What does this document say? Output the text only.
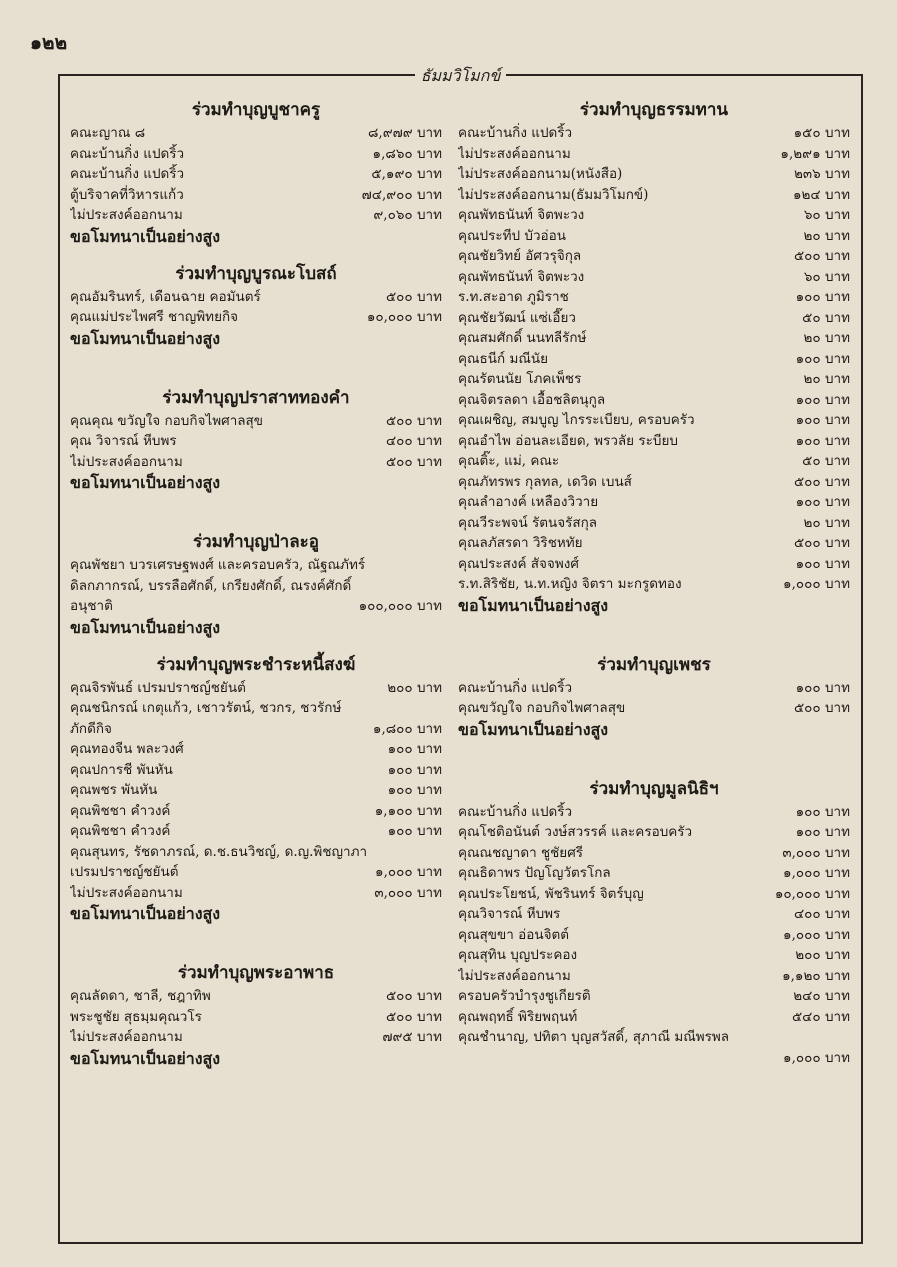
๑๒๒
ธัมมวิโมกข์
ร่วมทำบุญบูชาครู
คณะญาณ ๘	๘,๙๗๙ บาท
คณะบ้านกิ่ง แปดริ้ว	๑,๘๖๐ บาท
คณะบ้านกิ่ง แปดริ้ว	๕,๑๙๐ บาท
ตู้บริจาคที่วิหารแก้ว	๗๔,๙๐๐ บาท
ไม่ประสงค์ออกนาม	๙,๐๖๐ บาท
ขอโมทนาเป็นอย่างสูง
ร่วมทำบุญบูรณะโบสถ์
คุณอัมรินทร์, เดือนฉาย คอมันตร์	๕๐๐ บาท
คุณแม่ประไพศรี ชาญพิทยกิจ	๑๐,๐๐๐ บาท
ขอโมทนาเป็นอย่างสูง
ร่วมทำบุญปราสาททองคำ
คุณคุณ ขวัญใจ กอบกิจไพศาลสุข	๕๐๐ บาท
คุณ วิจารณ์ หีบพร	๔๐๐ บาท
ไม่ประสงค์ออกนาม	๕๐๐ บาท
ขอโมทนาเป็นอย่างสูง
ร่วมทำบุญป่าละอู
คุณพัชยา บวรเศรษฐพงศ์ และครอบครัว, ณัฐณภัทร์
ดิลกภากรณ์, บรรลือศักดิ์, เกรียงศักดิ์, ณรงค์ศักดิ์
อนุชาติ	๑๐๐,๐๐๐ บาท
ขอโมทนาเป็นอย่างสูง
ร่วมทำบุญพระชำระหนี้สงฆ์
คุณจิรพันธ์ เปรมปราชญ์ชยันต์	๒๐๐ บาท
คุณชนิกรณ์ เกตุแก้ว, เชาวรัตน์, ชวกร, ชวรักษ์
ภักดีกิจ	๑,๘๐๐ บาท
คุณทองจีน พละวงศ์	๑๐๐ บาท
คุณปการชี พันหัน	๑๐๐ บาท
คุณพชร พันหัน	๑๐๐ บาท
คุณพิชชา คำวงค์	๑,๑๐๐ บาท
คุณพิชชา คำวงค์	๑๐๐ บาท
คุณสุนทร, รัชดาภรณ์, ด.ช.ธนวิชญ์, ด.ญ.พิชญาภา
เปรมปราชญ์ชยันต์	๑,๐๐๐ บาท
ไม่ประสงค์ออกนาม	๓,๐๐๐ บาท
ขอโมทนาเป็นอย่างสูง
ร่วมทำบุญพระอาพาธ
คุณลัดดา, ชาลี, ชฎาทิพ	๕๐๐ บาท
พระชูชัย สุธมฺมคุณวโร	๕๐๐ บาท
ไม่ประสงค์ออกนาม	๗๙๕ บาท
ขอโมทนาเป็นอย่างสูง
ร่วมทำบุญธรรมทาน
คณะบ้านกิ่ง แปดริ้ว	๑๕๐ บาท
ไม่ประสงค์ออกนาม	๑,๒๙๑ บาท
ไม่ประสงค์ออกนาม(หนังสือ)	๒๓๖ บาท
ไม่ประสงค์ออกนาม(ธัมมวิโมกข์)	๑๒๔ บาท
คุณพัทธนันท์ จิตพะวง	๖๐ บาท
คุณประทีป บัวอ่อน	๒๐ บาท
คุณชัยวิทย์ อัศวรุจิกุล	๕๐๐ บาท
คุณพัทธนันท์ จิตพะวง	๖๐ บาท
ร.ท.สะอาด ภูมิราช	๑๐๐ บาท
คุณชัยวัฒน์ แซ่เอี๊ยว	๕๐ บาท
คุณสมศักดิ์ นนทลีรักษ์	๒๐ บาท
คุณธนีก์ มณีนัย	๑๐๐ บาท
คุณรัตนนัย โภคเพ็ชร	๒๐ บาท
คุณจิตรลดา เอื้อชลิตนุกูล	๑๐๐ บาท
คุณเผชิญ, สมบูญ ไกรระเบียบ, ครอบครัว	๑๐๐ บาท
คุณอำไพ อ่อนละเอียด, พรวลัย ระบียบ	๑๐๐ บาท
คุณติ๊ะ, แม่, คณะ	๕๐ บาท
คุณภัทรพร กุลทล, เดวิด เบนส์	๕๐๐ บาท
คุณลำอางค์ เหลืองวิวาย	๑๐๐ บาท
คุณวีระพจน์ รัตนจรัสกุล	๒๐ บาท
คุณลภัสรดา วิริชหทัย	๕๐๐ บาท
คุณประสงค์ สัจจพงศ์	๑๐๐ บาท
ร.ท.สิริชัย, น.ท.หญิง จิตรา มะกรูดทอง	๑,๐๐๐ บาท
ขอโมทนาเป็นอย่างสูง
ร่วมทำบุญเพชร
คณะบ้านกิ่ง แปดริ้ว	๑๐๐ บาท
คุณขวัญใจ กอบกิจไพศาลสุข	๕๐๐ บาท
ขอโมทนาเป็นอย่างสูง
ร่วมทำบุญมูลนิธิฯ
คณะบ้านกิ่ง แปดริ้ว	๑๐๐ บาท
คุณโชติอนันต์ วงษ์สวรรค์ และครอบครัว	๑๐๐ บาท
คุณณชญาดา ชูชัยศรี	๓,๐๐๐ บาท
คุณธิดาพร ปัญโญวัตรโกล	๑,๐๐๐ บาท
คุณประโยชน์, พัชรินทร์ จิตร์บุญ	๑๐,๐๐๐ บาท
คุณวิจารณ์ หีบพร	๔๐๐ บาท
คุณสุขขา อ่อนจิตต์	๑,๐๐๐ บาท
คุณสุทิน บุญประคอง	๒๐๐ บาท
ไม่ประสงค์ออกนาม	๑,๑๒๐ บาท
ครอบครัวบำรุงชูเกียรติ	๒๔๐ บาท
คุณพฤทธิ์ พิริยพฤนท์	๕๔๐ บาท
คุณชำนาญ, ปทิตา บุญสวัสดิ์, สุภาณี มณีพรพล
๑,๐๐๐ บาท
